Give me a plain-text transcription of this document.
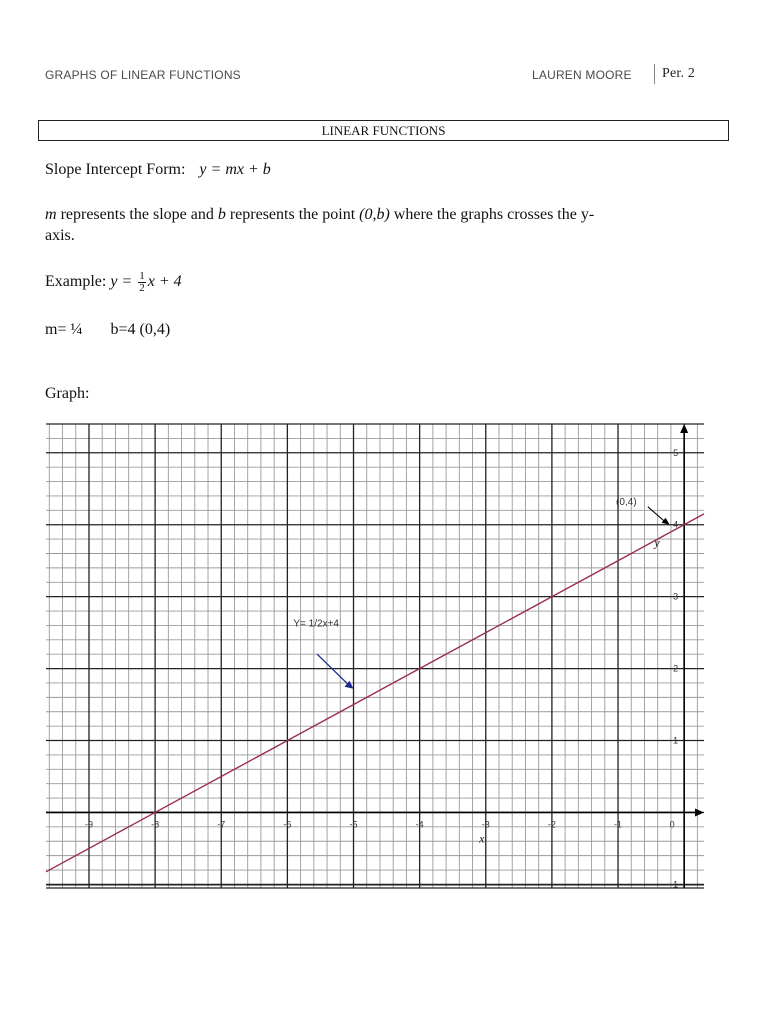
GRAPHS OF LINEAR FUNCTIONS	LAUREN MOORE Per. 2
LINEAR FUNCTIONS
Slope Intercept Form: y = mx + b
m represents the slope and b represents the point (0,b) where the graphs crosses the y-
axis.
Example: $y = \frac{1}{2}$ x + 4
m= ¼ b=4 (0,4)
Graph:
-9	-8	-7	-6	-5	-4	-3	-2	-1	0
-1
1
2
3
4
5
x
y
Y= 1/2x+4
(0,4)
